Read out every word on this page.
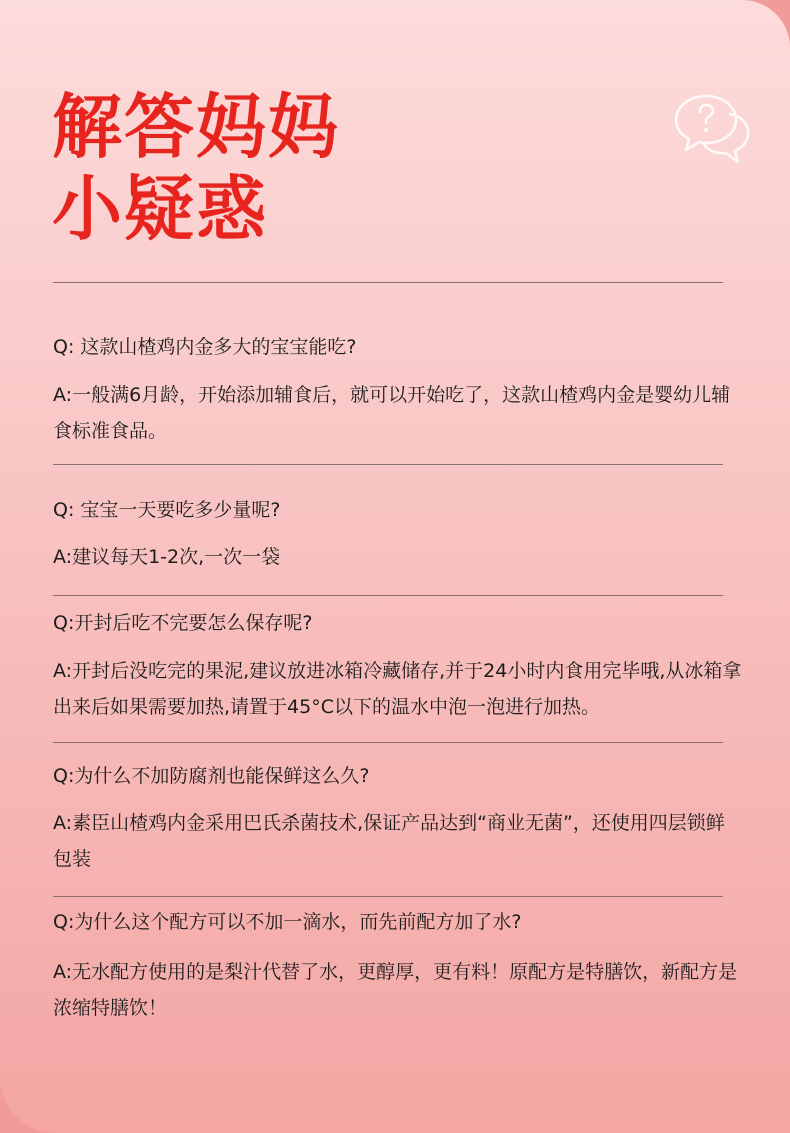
解答妈妈
小疑惑

Q: 这款山楂鸡内金多大的宝宝能吃?

A:一般满6月龄，开始添加辅食后，就可以开始吃了，这款山楂鸡内金是婴幼儿辅食标准食品。

Q: 宝宝一天要吃多少量呢?

A:建议每天1-2次,一次一袋

Q:开封后吃不完要怎么保存呢?

A:开封后没吃完的果泥,建议放进冰箱冷藏储存,并于24小时内食用完毕哦,从冰箱拿出来后如果需要加热,请置于45°C以下的温水中泡一泡进行加热。

Q:为什么不加防腐剂也能保鲜这么久?

A:素臣山楂鸡内金采用巴氏杀菌技术,保证产品达到“商业无菌”，还使用四层锁鲜包装

Q:为什么这个配方可以不加一滴水，而先前配方加了水?

A:无水配方使用的是梨汁代替了水，更醇厚，更有料！原配方是特膳饮，新配方是浓缩特膳饮！
